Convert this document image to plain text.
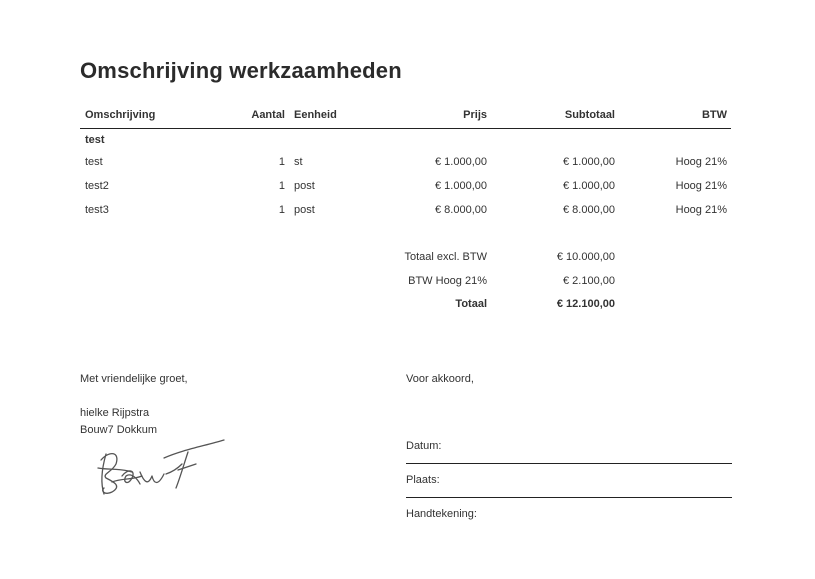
Omschrijving werkzaamheden
Omschrijving	Aantal Eenheid	Prijs	Subtotaal	BTW
test
test	1 st	€ 1.000,00	€ 1.000,00	Hoog 21%
test2	1 post	€ 1.000,00	€ 1.000,00	Hoog 21%
test3	1 post	€ 8.000,00	€ 8.000,00	Hoog 21%
Totaal excl. BTW	€ 10.000,00
BTW Hoog 21%	€ 2.100,00
Totaal	€ 12.100,00
Met vriendelijke groet,
hielke Rijpstra
Bouw7 Dokkum
Voor akkoord,
Datum:
Plaats:
Handtekening:
